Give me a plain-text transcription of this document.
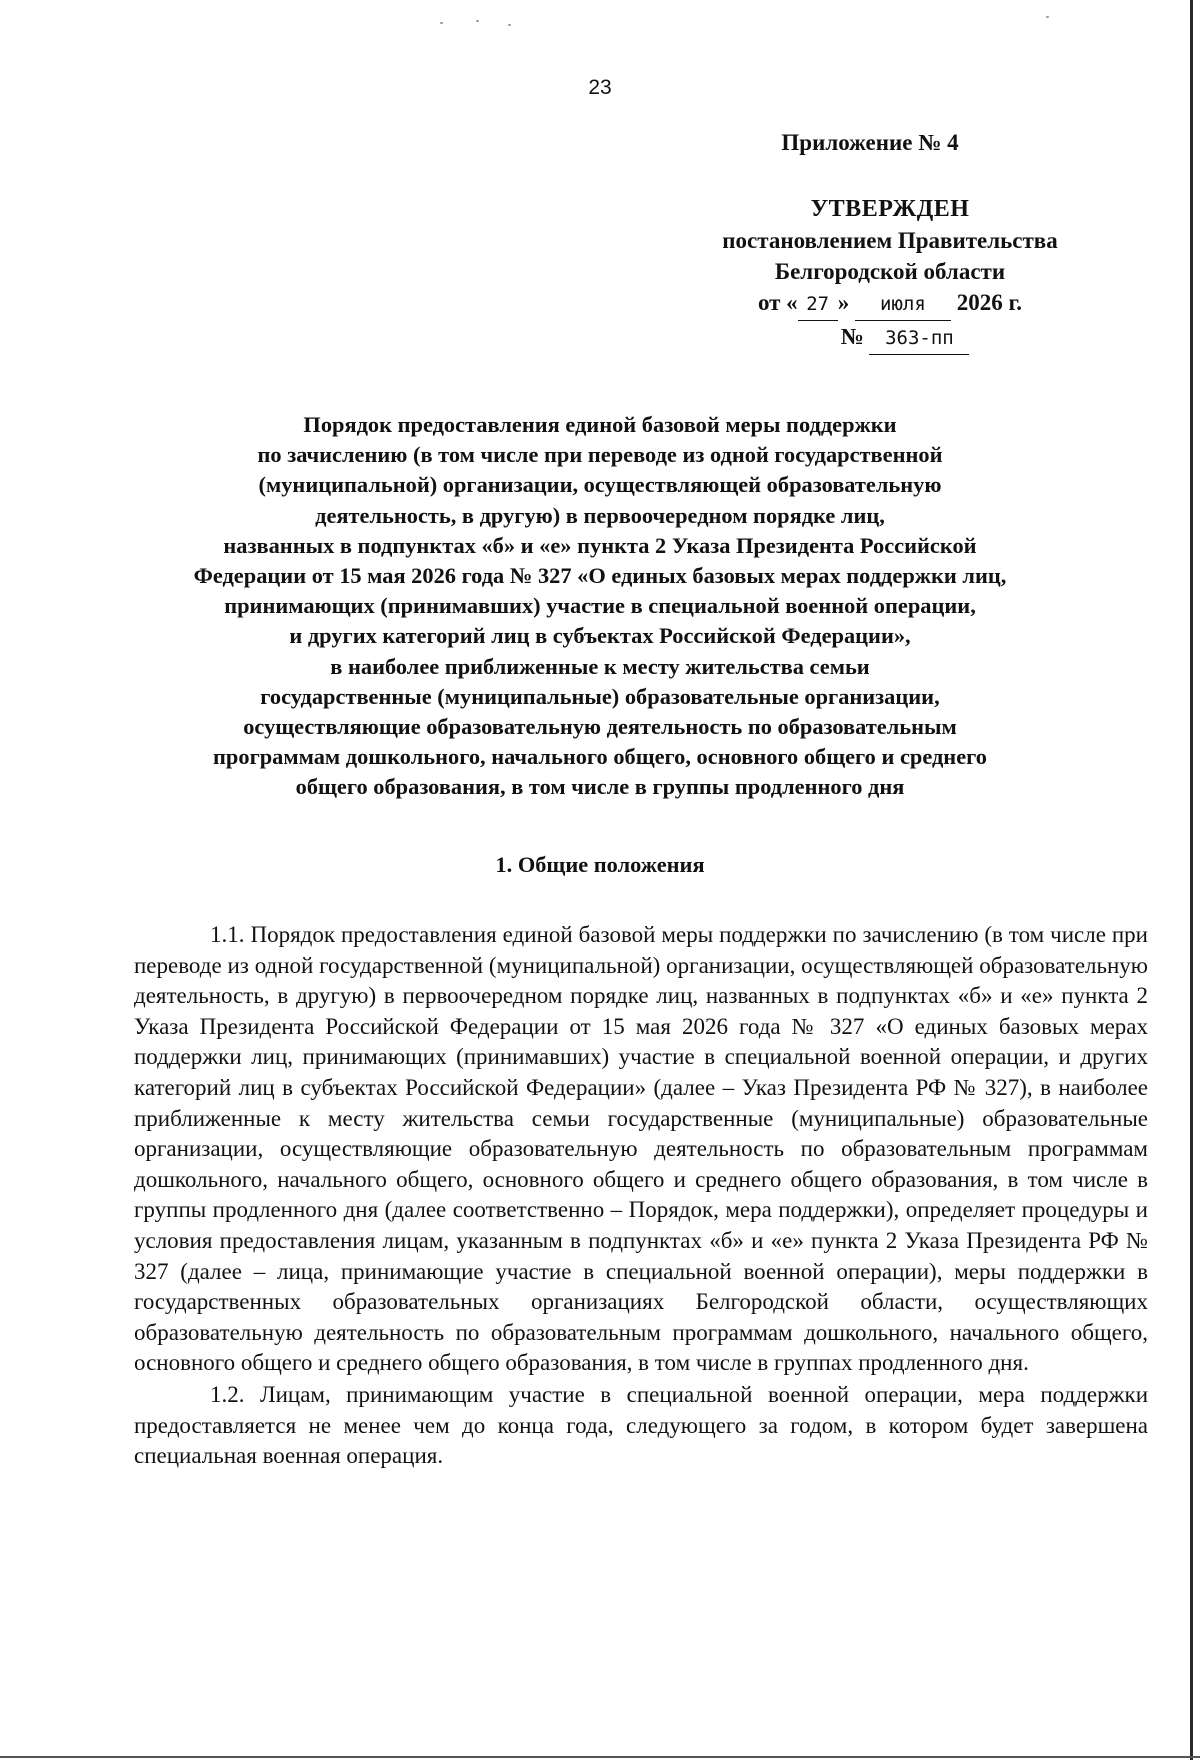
23
Приложение № 4
УТВЕРЖДЕН
постановлением Правительства
Белгородской области
от « 27 » июля 2026 г.
№ 363-пп
Порядок предоставления единой базовой меры поддержки
по зачислению (в том числе при переводе из одной государственной
(муниципальной) организации, осуществляющей образовательную
деятельность, в другую) в первоочередном порядке лиц,
названных в подпунктах «б» и «е» пункта 2 Указа Президента Российской
Федерации от 15 мая 2026 года № 327 «О единых базовых мерах поддержки лиц,
принимающих (принимавших) участие в специальной военной операции,
и других категорий лиц в субъектах Российской Федерации»,
в наиболее приближенные к месту жительства семьи
государственные (муниципальные) образовательные организации,
осуществляющие образовательную деятельность по образовательным
программам дошкольного, начального общего, основного общего и среднего
общего образования, в том числе в группы продленного дня
1. Общие положения

1.1. Порядок предоставления единой базовой меры поддержки по зачислению (в том числе при переводе из одной государственной (муниципальной) организации, осуществляющей образовательную деятельность, в другую) в первоочередном порядке лиц, названных в подпунктах «б» и «е» пункта 2 Указа Президента Российской Федерации от 15 мая 2026 года № 327 «О единых базовых мерах поддержки лиц, принимающих (принимавших) участие в специальной военной операции, и других категорий лиц в субъектах Российской Федерации» (далее – Указ Президента РФ № 327), в наиболее приближенные к месту жительства семьи государственные (муниципальные) образовательные организации, осуществляющие образовательную деятельность по образовательным программам дошкольного, начального общего, основного общего и среднего общего образования, в том числе в группы продленного дня (далее соответственно – Порядок, мера поддержки), определяет процедуры и условия предоставления лицам, указанным в подпунктах «б» и «е» пункта 2 Указа Президента РФ № 327 (далее – лица, принимающие участие в специальной военной операции), меры поддержки в государственных образовательных организациях Белгородской области, осуществляющих образовательную деятельность по образовательным программам дошкольного, начального общего, основного общего и среднего общего образования, в том числе в группах продленного дня.

1.2. Лицам, принимающим участие в специальной военной операции, мера поддержки предоставляется не менее чем до конца года, следующего за годом, в котором будет завершена специальная военная операция.
